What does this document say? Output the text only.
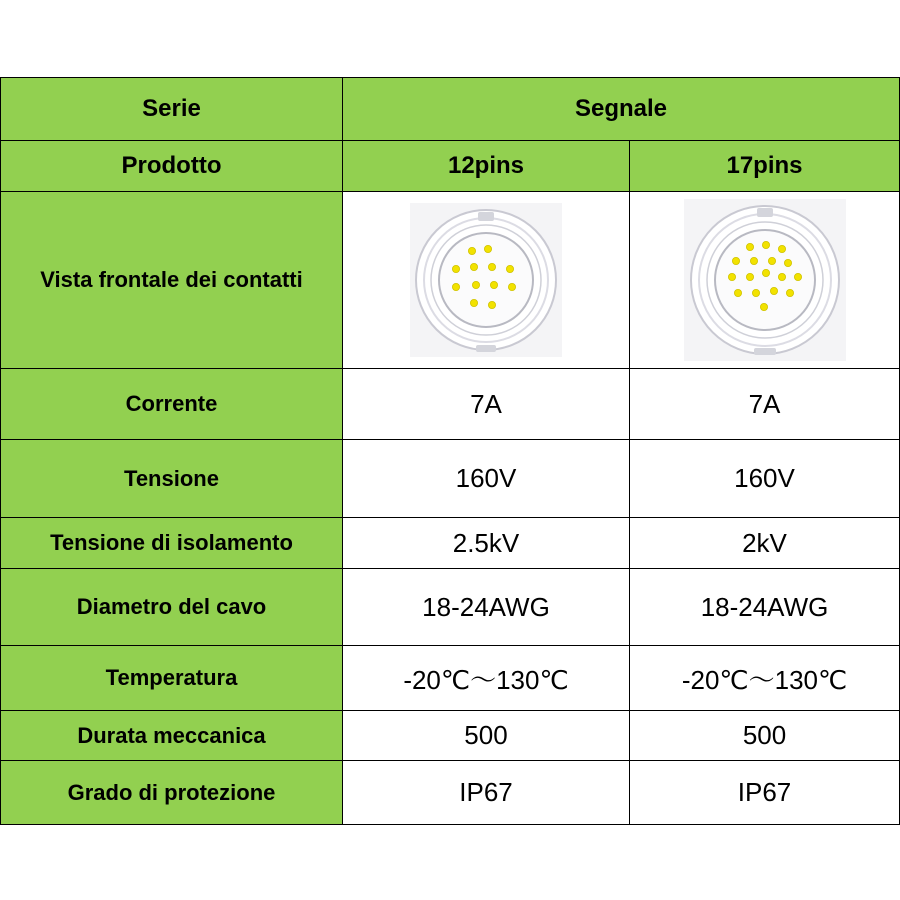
Serie	Segnale	
Prodotto	12pins	17pins
Vista frontale dei contatti	

Corrente	7A	7A
Tensione	160V	160V
Tensione di isolamento	2.5kV	2kV
Diametro del cavo	18-24AWG	18-24AWG
Temperatura	-20℃～130℃	-20℃～130℃
Durata meccanica	500	500
Grado di protezione	IP67	IP67
